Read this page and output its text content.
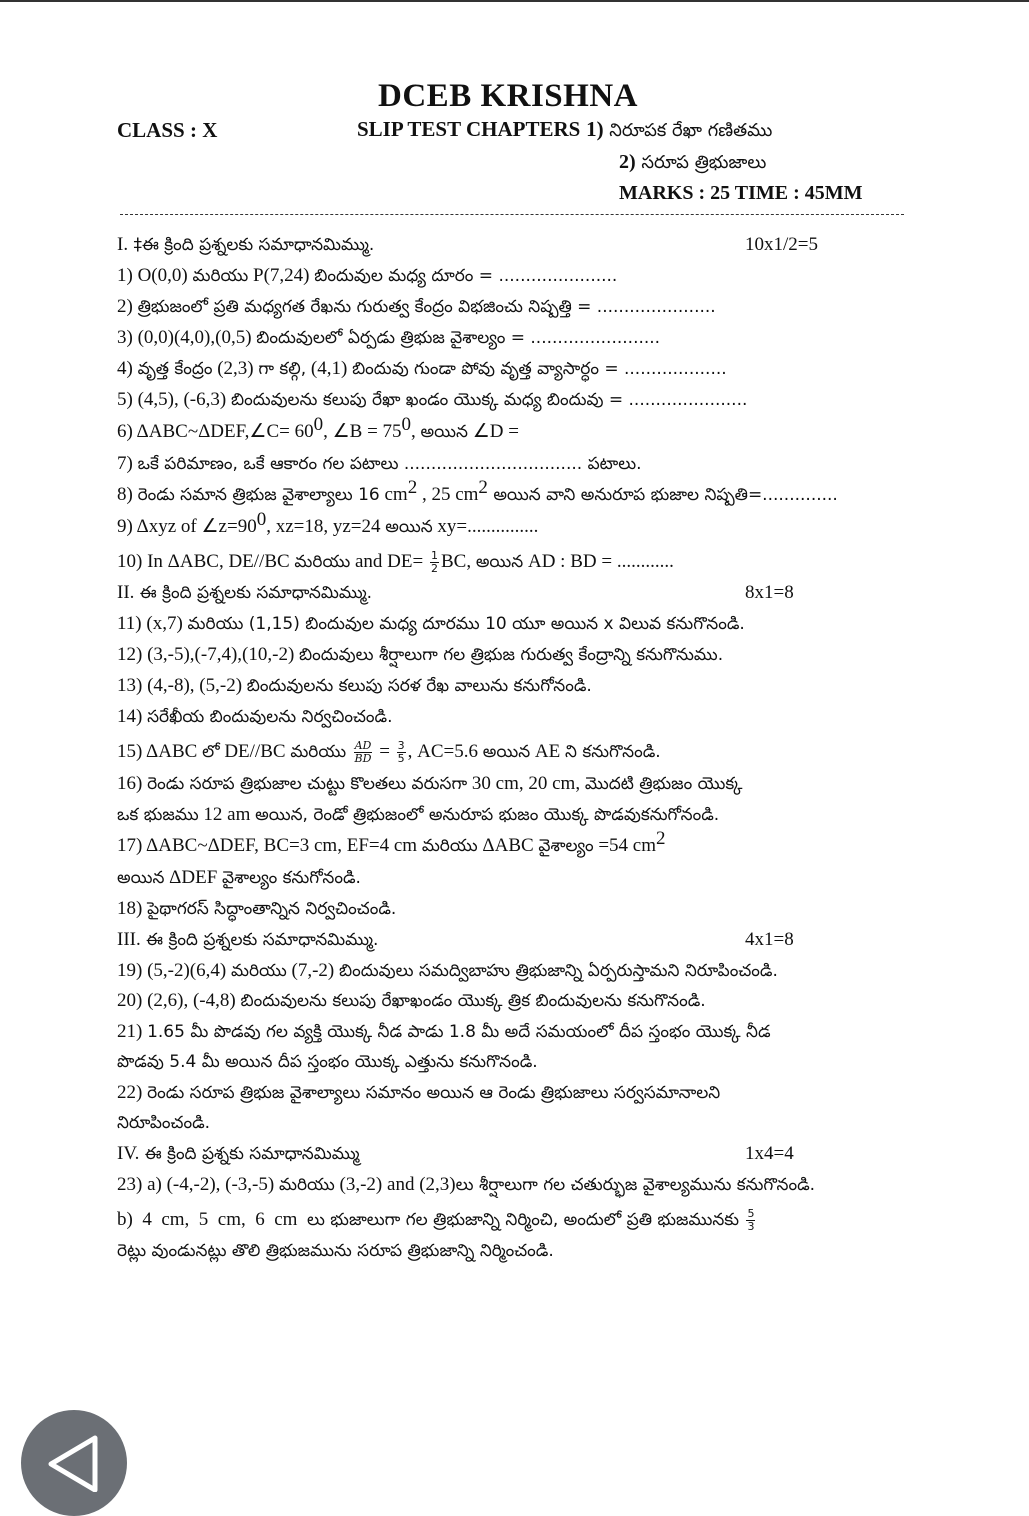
DCEB KRISHNA
CLASS : X	SLIP TEST CHAPTERS 1) నిరూపక రేఖా గణితము
2) సరూప త్రిభుజాలు
MARKS : 25 TIME : 45MM
I. ‡ఈ క్రింది ప్రశ్నలకు సమాధానమిమ్ము.	10x1/2=5
1) O(0,0) మరియు P(7,24) బిందువుల మధ్య దూరం = ......................
2) త్రిభుజంలో ప్రతి మధ్యగత రేఖను గురుత్వ కేంద్రం విభజించు నిష్పత్తి = ......................
3) (0,0)(4,0),(0,5) బిందువులలో ఏర్పడు త్రిభుజ వైశాల్యం = ........................
4) వృత్త కేంద్రం (2,3) గా కల్గి, (4,1) బిందువు గుండా పోవు వృత్త వ్యాసార్ధం = ...................
5) (4,5), (-6,3) బిందువులను కలుపు రేఖా ఖండం యొక్క మధ్య బిందువు = ......................
6) ΔABC~ΔDEF,∠C= $60^0$, ∠B = $75^0$, అయిన ∠D =
7) ఒకే పరిమాణం, ఒకే ఆకారం గల పటాలు ................................. పటాలు.
8) రెండు సమాన త్రిభుజ వైశాల్యాలు 16 $cm^2$ , 25 $cm^2$ అయిన వాని అనురూప భుజాల నిష్పతి=..............
9) Δxyz of $\angle z=90^0$, xz=18, yz=24 అయిన xy=...............
10) In ΔABC, DE//BC మరియు and $DE= \frac{1}{2}$ BC, అయిన AD : BD = ............
II. ఈ క్రింది ప్రశ్నలకు సమాధానమిమ్ము.	8x1=8
11) (x,7) మరియు (1,15) బిందువుల మధ్య దూరము 10 యూ అయిన x విలువ కనుగొనండి.
12) (3,-5),(-7,4),(10,-2) బిందువులు శీర్షాలుగా గల త్రిభుజ గురుత్వ కేంద్రాన్ని కనుగొనుము.
13) (4,-8), (5,-2) బిందువులను కలుపు సరళ రేఖ వాలును కనుగోనండి.
14) సరేఖీయ బిందువులను నిర్వచించండి.
15) ΔABC లో DE//BC మరియు $\frac{AD}{BD} = \frac{3}{5}$ , AC=5.6 అయిన AE ని కనుగొనండి.
16) రెండు సరూప త్రిభుజాల చుట్టు కొలతలు వరుసగా 30 cm, 20 cm, మొదటి త్రిభుజం యొక్క
ఒక భుజము 12 am అయిన, రెండో త్రిభుజంలో అనురూప భుజం యొక్క పొడవుకనుగోనండి.
17) ΔABC~ΔDEF, BC=3 cm, EF=4 cm మరియు ΔABC వైశాల్యం =54 $cm^2$
అయిన ΔDEF వైశాల్యం కనుగోనండి.
18) పైథాగరస్ సిద్ధాంతాన్నిన నిర్వచించండి.
III. ఈ క్రింది ప్రశ్నలకు సమాధానమిమ్ము.	4x1=8
19) (5,-2)(6,4) మరియు (7,-2) బిందువులు సమద్విబాహు త్రిభుజాన్ని ఏర్పరుస్తామని నిరూపించండి.
20) (2,6), (-4,8) బిందువులను కలుపు రేఖాఖండం యొక్క త్రిక బిందువులను కనుగొనండి.
21) 1.65 మీ పొడవు గల వ్యక్తి యొక్క నీడ పాడు 1.8 మీ అదే సమయంలో దీప స్తంభం యొక్క నీడ
పొడవు 5.4 మీ అయిన దీప స్తంభం యొక్క ఎత్తును కనుగొనండి.
22) రెండు సరూప త్రిభుజ వైశాల్యాలు సమానం అయిన ఆ రెండు త్రిభుజాలు సర్వసమానాలని
నిరూపించండి.
IV. ఈ క్రింది ప్రశ్నకు సమాధానమిమ్ము	1x4=4
23) a) (-4,-2), (-3,-5) మరియు (3,-2) and (2,3)లు శీర్షాలుగా గల చతుర్భుజ వైశాల్యమును కనుగొనండి.
b)  4  cm,  5  cm,  6  cm  లు భుజాలుగా గల త్రిభుజాన్ని నిర్మించి, అందులో ప్రతి భుజమునకు $\frac{5}{3}$
రెట్లు వుండునట్లు తొలి త్రిభుజమును సరూప త్రిభుజాన్ని నిర్మించండి.
